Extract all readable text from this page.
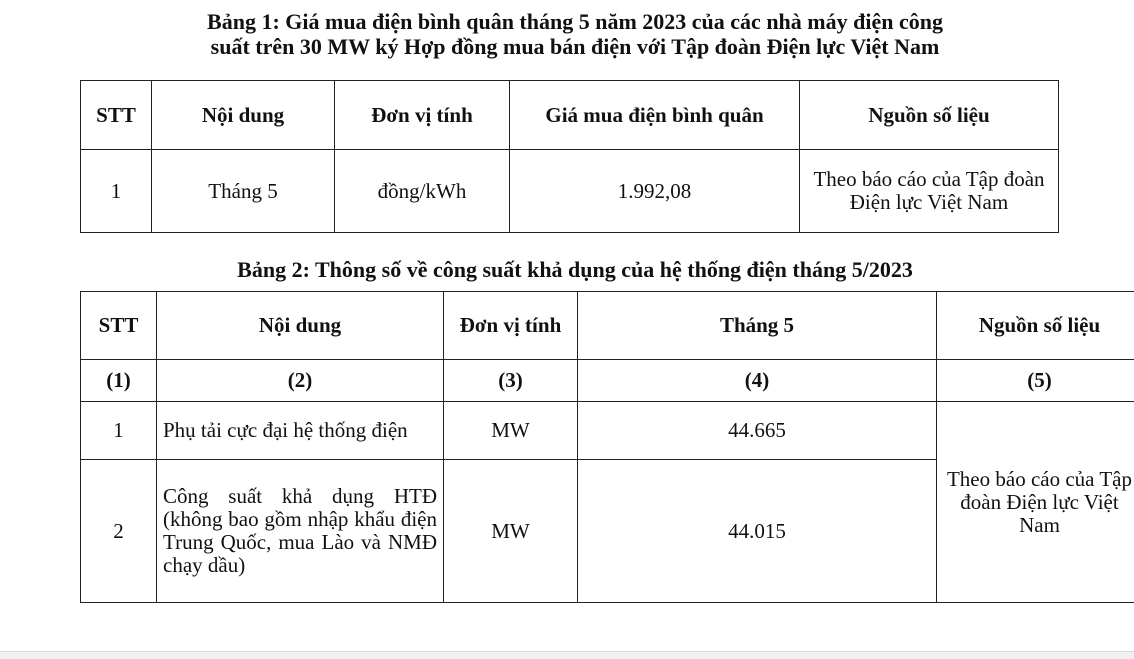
Bảng 1: Giá mua điện bình quân tháng 5 năm 2023 của các nhà máy điện công
suất trên 30 MW ký Hợp đồng mua bán điện với Tập đoàn Điện lực Việt Nam
STT	Nội dung	Đơn vị tính	Giá mua điện bình quân	Nguồn số liệu
1	Tháng 5	đồng/kWh	1.992,08	Theo báo cáo của Tập đoàn Điện lực Việt Nam
Bảng 2: Thông số về công suất khả dụng của hệ thống điện tháng 5/2023
STT	Nội dung	Đơn vị tính	Tháng 5	Nguồn số liệu
(1)	(2)	(3)	(4)	(5)
1	Phụ tải cực đại hệ thống điện	MW	44.665	Theo báo cáo của Tập đoàn Điện lực Việt Nam
2	Công suất khả dụng HTĐ (không bao gồm nhập khẩu điện Trung Quốc, mua Lào và NMĐ chạy dầu)	MW	44.015	
